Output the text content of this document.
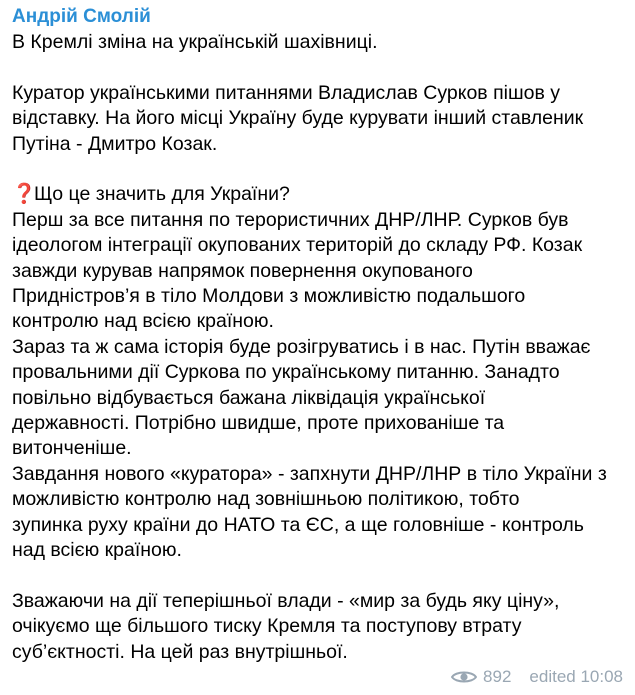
Андрій Смолій
В Кремлі зміна на українській шахівниці.
Куратор українськими питаннями Владислав Сурков пішов у
відставку. На його місці Україну буде курувати інший ставленик
Путіна - Дмитро Козак.
❓Що це значить для України?
Перш за все питання по терористичних ДНР/ЛНР. Сурков був
ідеологом інтеграції окупованих територій до складу РФ. Козак
завжди курував напрямок повернення окупованого
Придністров’я в тіло Молдови з можливістю подальшого
контролю над всією країною.
Зараз та ж сама історія буде розігруватись і в нас. Путін вважає
провальними дії Суркова по українському питанню. Занадто
повільно відбувається бажана ліквідація української
державності. Потрібно швидше, проте прихованіше та
витонченіше.
Завдання нового «куратора» - запхнути ДНР/ЛНР в тіло України з
можливістю контролю над зовнішньою політикою, тобто
зупинка руху країни до НАТО та ЄС, а ще головніше - контроль
над всією країною.
Зважаючи на дії теперішньої влади - «мир за будь яку ціну»,
очікуємо ще більшого тиску Кремля та поступову втрату
суб’єктності. На цей раз внутрішньої.
892 edited 10:08
